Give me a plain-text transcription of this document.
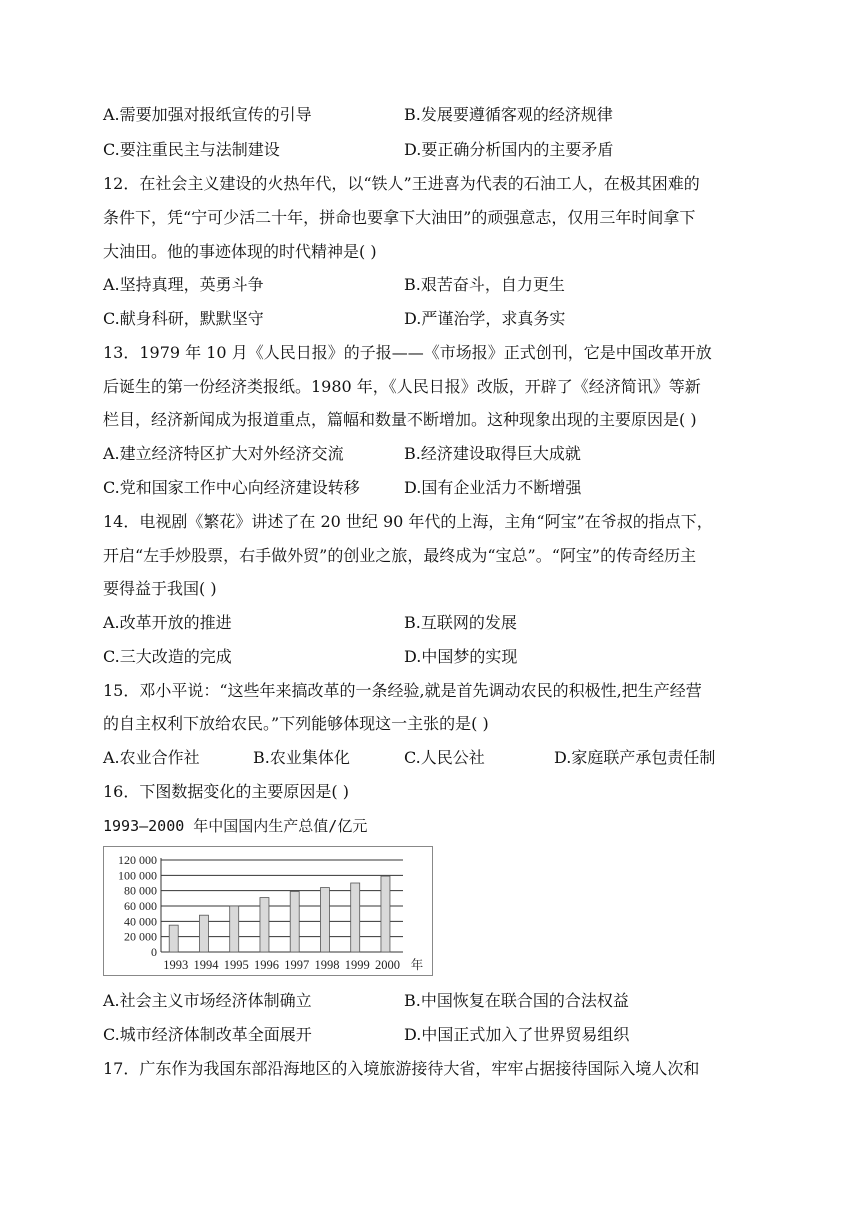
A.需要加强对报纸宣传的引导	B.发展要遵循客观的经济规律
C.要注重民主与法制建设	D.要正确分析国内的主要矛盾
12．在社会主义建设的火热年代，以“铁人”王进喜为代表的石油工人，在极其困难的
条件下，凭“宁可少活二十年，拼命也要拿下大油田”的顽强意志，仅用三年时间拿下
大油田。他的事迹体现的时代精神是( )
A.坚持真理，英勇斗争	B.艰苦奋斗，自力更生
C.献身科研，默默坚守	D.严谨治学，求真务实
13．1979 年 10 月《人民日报》的子报——《市场报》正式创刊，它是中国改革开放
后诞生的第一份经济类报纸。1980 年，《人民日报》改版，开辟了《经济简讯》等新
栏目，经济新闻成为报道重点，篇幅和数量不断增加。这种现象出现的主要原因是( )
A.建立经济特区扩大对外经济交流	B.经济建设取得巨大成就
C.党和国家工作中心向经济建设转移	D.国有企业活力不断增强
14．电视剧《繁花》讲述了在 20 世纪 90 年代的上海，主角“阿宝”在爷叔的指点下，
开启“左手炒股票，右手做外贸”的创业之旅，最终成为“宝总”。“阿宝”的传奇经历主
要得益于我国( )
A.改革开放的推进	B.互联网的发展
C.三大改造的完成	D.中国梦的实现
15．邓小平说：“这些年来搞改革的一条经验,就是首先调动农民的积极性,把生产经营
的自主权利下放给农民。”下列能够体现这一主张的是( )
A.农业合作社	B.农业集体化	C.人民公社	D.家庭联产承包责任制
16．下图数据变化的主要原因是( )
1993—2000 年中国国内生产总值/亿元
0
20 000
40 000
60 000
80 000
100 000
120 000
1993 1994 1995 1996 1997 1998 1999 2000 年
A.社会主义市场经济体制确立	B.中国恢复在联合国的合法权益
C.城市经济体制改革全面展开	D.中国正式加入了世界贸易组织
17．广东作为我国东部沿海地区的入境旅游接待大省，牢牢占据接待国际入境人次和
